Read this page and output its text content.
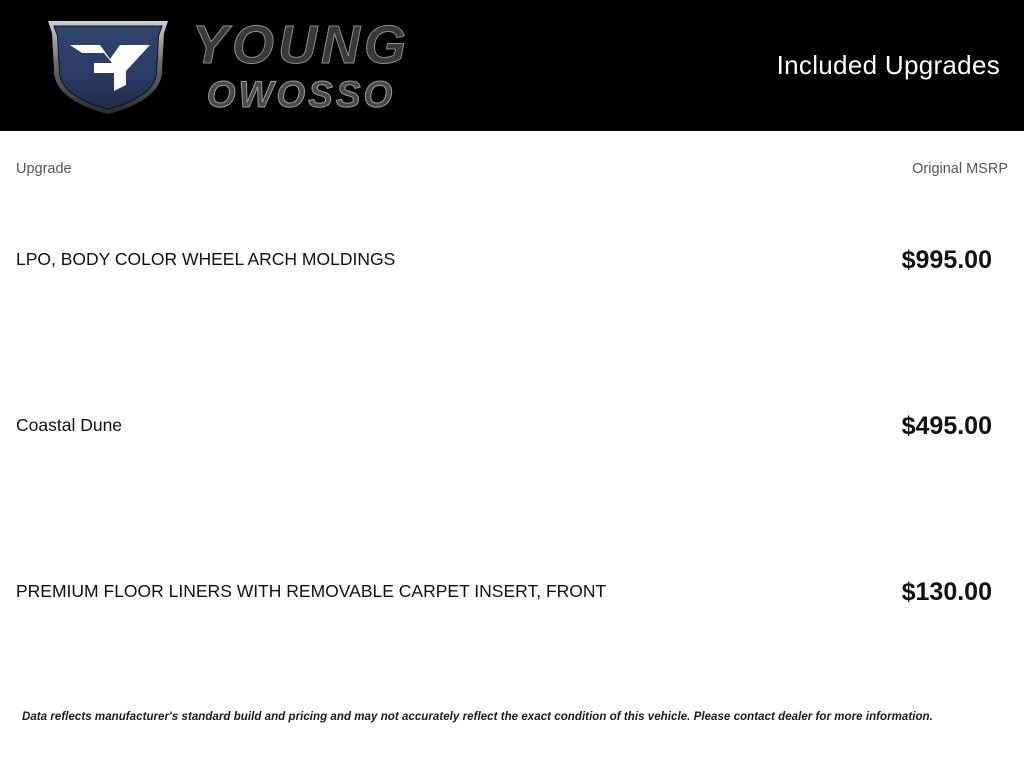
YOUNG
OWOSSO
Included Upgrades
Upgrade	Original MSRP
LPO, BODY COLOR WHEEL ARCH MOLDINGS	$995.00
Coastal Dune	$495.00
PREMIUM FLOOR LINERS WITH REMOVABLE CARPET INSERT, FRONT	$130.00
Data reflects manufacturer's standard build and pricing and may not accurately reflect the exact condition of this vehicle. Please contact dealer for more information.
